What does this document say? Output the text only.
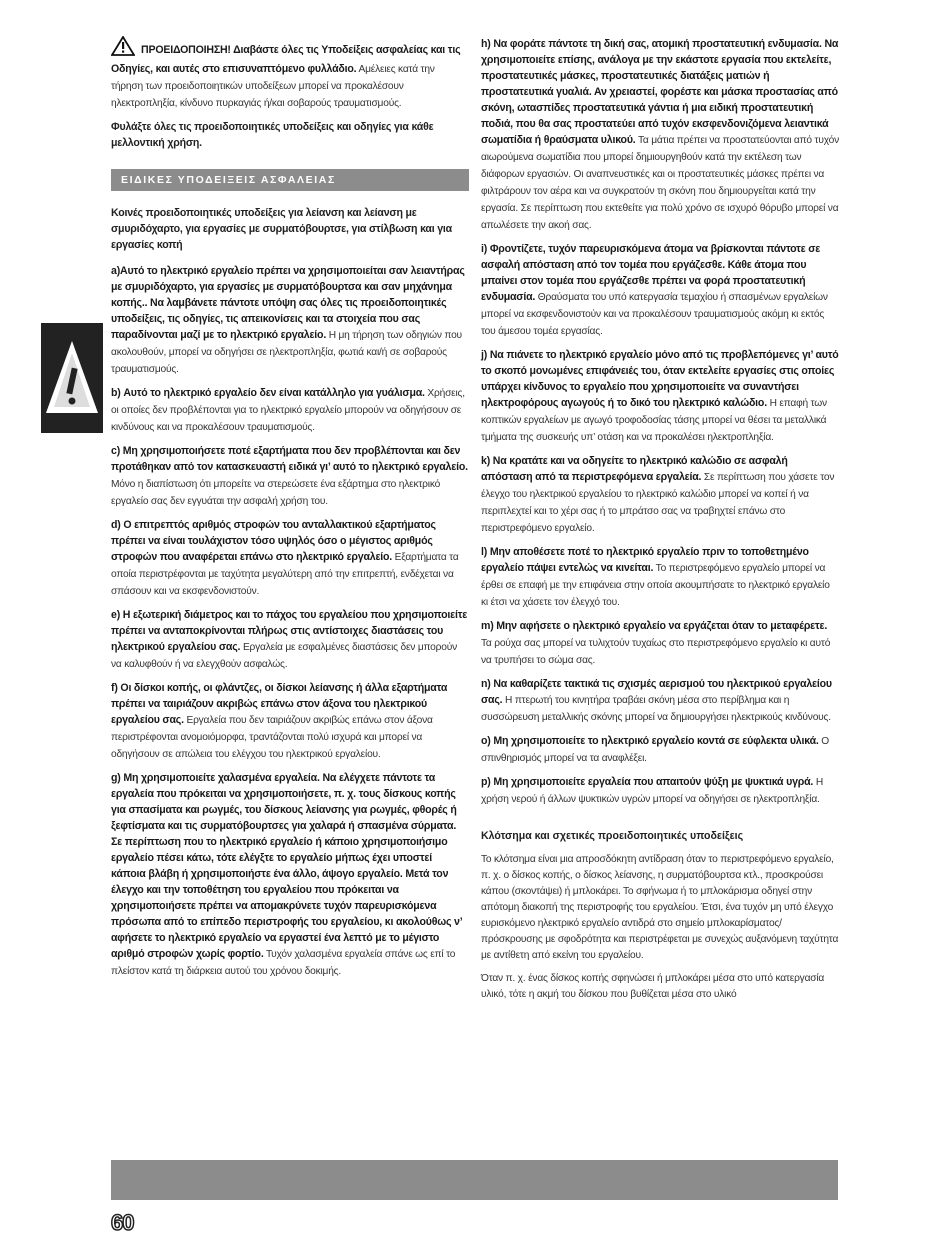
ΠΡΟΕΙΔΟΠΟΙΗΣΗ! Διαβάστε όλες τις Υποδείξεις ασφαλείας και τις Οδηγίες, και αυτές στο επισυναπτόμενο φυλλάδιο. Αμέλειες κατά την τήρηση των προειδοποιητικών υποδείξεων μπορεί να προκαλέσουν ηλεκτροπληξία, κίνδυνο πυρκαγιάς ή/και σοβαρούς τραυματισμούς.
Φυλάξτε όλες τις προειδοποιητικές υποδείξεις και οδηγίες για κάθε μελλοντική χρήση.
ΕΙΔΙΚΕΣ ΥΠΟΔΕΙΞΕΙΣ ΑΣΦΑΛΕΙΑΣ
Κοινές προειδοποιητικές υποδείξεις για λείανση και λείανση με σμυριδόχαρτο, για εργασίες με συρματόβουρτσε, για στίλβωση και για εργασίες κοπή
a)Αυτό το ηλεκτρικό εργαλείο πρέπει να χρησιμοποιείται σαν λειαντήρας με σμυριδόχαρτο, για εργασίες με συρματόβουρτσα και σαν μηχάνημα κοπής.. Να λαμβάνετε πάντοτε υπόψη σας όλες τις προειδοποιητικές υποδείξεις, τις οδηγίες, τις απεικονίσεις και τα στοιχεία που σας παραδίνονται μαζί με το ηλεκτρικό εργαλείο. Η μη τήρηση των οδηγιών που ακολουθούν, μπορεί να οδηγήσει σε ηλεκτροπληξία, φωτιά και/ή σε σοβαρούς τραυματισμούς.
b) Αυτό το ηλεκτρικό εργαλείο δεν είναι κατάλληλο για γυάλισμα. Χρήσεις, οι οποίες δεν προβλέπονται για το ηλεκτρικό εργαλείο μπορούν να οδηγήσουν σε κινδύνους και να προκαλέσουν τραυματισμούς.
c) Μη χρησιμοποιήσετε ποτέ εξαρτήματα που δεν προβλέπονται και δεν προτάθηκαν από τον κατασκευαστή ειδικά γι’ αυτό το ηλεκτρικό εργαλείο. Μόνο η διαπίστωση ότι μπορείτε να στερεώσετε ένα εξάρτημα στο ηλεκτρικό εργαλείο σας δεν εγγυάται την ασφαλή χρήση του.
d) Ο επιτρεπτός αριθμός στροφών του ανταλλακτικού εξαρτήματος πρέπει να είναι τουλάχιστον τόσο υψηλός όσο ο μέγιστος αριθμός στροφών που αναφέρεται επάνω στο ηλεκτρικό εργαλείο. Εξαρτήματα τα οποία περιστρέφονται με ταχύτητα μεγαλύτερη από την επιτρεπτή, ενδέχεται να σπάσουν και να εκσφενδονιστούν.
e) Η εξωτερική διάμετρος και το πάχος του εργαλείου που χρησιμοποιείτε πρέπει να ανταποκρίνονται πλήρως στις αντίστοιχες διαστάσεις του ηλεκτρικού εργαλείου σας. Εργαλεία με εσφαλμένες διαστάσεις δεν μπορούν να καλυφθούν ή να ελεγχθούν ασφαλώς.
f) Οι δίσκοι κοπής, οι φλάντζες, οι δίσκοι λείανσης ή άλλα εξαρτήματα πρέπει να ταιριάζουν ακριβώς επάνω στον άξονα του ηλεκτρικού εργαλείου σας. Εργαλεία που δεν ταιριάζουν ακριβώς επάνω στον άξονα περιστρέφονται ανομοιόμορφα, τραντάζονται πολύ ισχυρά και μπορεί να οδηγήσουν σε απώλεια του ελέγχου του ηλεκτρικού εργαλείου.
g) Μη χρησιμοποιείτε χαλασμένα εργαλεία. Να ελέγχετε πάντοτε τα εργαλεία που πρόκειται να χρησιμοποιήσετε, π. χ. τους δίσκους κοπής για σπασίματα και ρωγμές, του δίσκους λείανσης για ρωγμές, φθορές ή ξεφτίσματα και τις συρματόβουρτσες για χαλαρά ή σπασμένα σύρματα. Σε περίπτωση που το ηλεκτρικό εργαλείο ή κάποιο χρησιμοποιήσιμο εργαλείο πέσει κάτω, τότε ελέγξτε το εργαλείο μήπως έχει υποστεί κάποια βλάβη ή χρησιμοποιήστε ένα άλλο, άψογο εργαλείο. Μετά τον έλεγχο και την τοποθέτηση του εργαλείου που πρόκειται να χρησιμοποιήσετε πρέπει να απομακρύνετε τυχόν παρευρισκόμενα πρόσωπα από το επίπεδο περιστροφής του εργαλείου, κι ακολούθως ν’ αφήσετε το ηλεκτρικό εργαλείο να εργαστεί ένα λεπτό με το μέγιστο αριθμό στροφών χωρίς φορτίο. Τυχόν χαλασμένα εργαλεία σπάνε ως επί το πλείστον κατά τη διάρκεια αυτού του χρόνου δοκιμής.
h) Να φοράτε πάντοτε τη δική σας, ατομική προστατευτική ενδυμασία. Να χρησιμοποιείτε επίσης, ανάλογα με την εκάστοτε εργασία που εκτελείτε, προστατευτικές μάσκες, προστατευτικές διατάξεις ματιών ή προστατευτικά γυαλιά. Αν χρειαστεί, φορέστε και μάσκα προστασίας από σκόνη, ωτασπίδες προστατευτικά γάντια ή μια ειδική προστατευτική ποδιά, που θα σας προστατεύει από τυχόν εκσφενδονιζόμενα λειαντικά σωματίδια ή θραύσματα υλικού. Τα μάτια πρέπει να προστατεύονται από τυχόν αιωρούμενα σωματίδια που μπορεί δημιουργηθούν κατά την εκτέλεση των διάφορων εργασιών. Οι αναπνευστικές και οι προστατευτικές μάσκες πρέπει να φιλτράρουν τον αέρα και να συγκρατούν τη σκόνη που δημιουργείται κατά την εργασία. Σε περίπτωση που εκτεθείτε για πολύ χρόνο σε ισχυρό θόρυβο μπορεί να απωλέσετε την ακοή σας.
i) Φροντίζετε, τυχόν παρευρισκόμενα άτομα να βρίσκονται πάντοτε σε ασφαλή απόσταση από τον τομέα που εργάζεσθε. Κάθε άτομα που μπαίνει στον τομέα που εργάζεσθε πρέπει να φορά προστατευτική ενδυμασία. Θραύσματα του υπό κατεργασία τεμαχίου ή σπασμένων εργαλείων μπορεί να εκσφενδονιστούν και να προκαλέσουν τραυματισμούς ακόμη κι εκτός του άμεσου τομέα εργασίας.
j) Να πιάνετε το ηλεκτρικό εργαλείο μόνο από τις προβλεπόμενες γι’ αυτό το σκοπό μονωμένες επιφάνειές του, όταν εκτελείτε εργασίες στις οποίες υπάρχει κίνδυνος το εργαλείο που χρησιμοποιείτε να συναντήσει ηλεκτροφόρους αγωγούς ή το δικό του ηλεκτρικό καλώδιο. Η επαφή των κοπτικών εργαλείων με αγωγό τροφοδοσίας τάσης μπορεί να θέσει τα μεταλλικά τμήματα της συσκευής υπ’ οτάση και να προκαλέσει ηλεκτροπληξία.
k) Να κρατάτε και να οδηγείτε το ηλεκτρικό καλώδιο σε ασφαλή απόσταση από τα περιστρεφόμενα εργαλεία. Σε περίπτωση που χάσετε τον έλεγχο του ηλεκτρικού εργαλείου το ηλεκτρικό καλώδιο μπορεί να κοπεί ή να περιπλεχτεί και το χέρι σας ή το μπράτσο σας να τραβηχτεί επάνω στο περιστρεφόμενο εργαλείο.
l) Μην αποθέσετε ποτέ το ηλεκτρικό εργαλείο πριν το τοποθετημένο εργαλείο πάψει εντελώς να κινείται. Το περιστρεφόμενο εργαλείο μπορεί να έρθει σε επαφή με την επιφάνεια στην οποία ακουμπήσατε το ηλεκτρικό εργαλείο κι έτσι να χάσετε τον έλεγχό του.
m) Μην αφήσετε ο ηλεκτρικό εργαλείο να εργάζεται όταν το μεταφέρετε. Τα ρούχα σας μπορεί να τυλιχτούν τυχαίως στο περιστρεφόμενο εργαλείο κι αυτό να τρυπήσει το σώμα σας.
n) Να καθαρίζετε τακτικά τις σχισμές αερισμού του ηλεκτρικού εργαλείου σας. Η πτερωτή του κινητήρα τραβάει σκόνη μέσα στο περίβλημα και η συσσώρευση μεταλλικής σκόνης μπορεί να δημιουργήσει ηλεκτρικούς κινδύνους.
o) Μη χρησιμοποιείτε το ηλεκτρικό εργαλείο κοντά σε εύφλεκτα υλικά. Ο σπινθηρισμός μπορεί να τα αναφλέξει.
p) Μη χρησιμοποιείτε εργαλεία που απαιτούν ψύξη με ψυκτικά υγρά. Η χρήση νερού ή άλλων ψυκτικών υγρών μπορεί να οδηγήσει σε ηλεκτροπληξία.
Κλότσημα και σχετικές προειδοποιητικές υποδείξεις
Το κλότσημα είναι μια απροσδόκητη αντίδραση όταν το περιστρεφόμενο εργαλείο, π. χ. ο δίσκος κοπής, ο δίσκος λείανσης, η συρματόβουρτσα κτλ., προσκρούσει κάπου (σκοντάψει) ή μπλοκάρει. Το σφήνωμα ή το μπλοκάρισμα οδηγεί στην απότομη διακοπή της περιστροφής του εργαλείου. Έτσι, ένα τυχόν μη υπό έλεγχο ευρισκόμενο ηλεκτρικό εργαλείο αντιδρά στο σημείο μπλοκαρίσματος/πρόσκρουσης με σφοδρότητα και περιστρέφεται με συνεχώς αυξανόμενη ταχύτητα με αντίθετη από εκείνη του εργαλείου.
Όταν π. χ. ένας δίσκος κοπής σφηνώσει ή μπλοκάρει μέσα στο υπό κατεργασία υλικό, τότε η ακμή του δίσκου που βυθίζεται μέσα στο υλικό
60
